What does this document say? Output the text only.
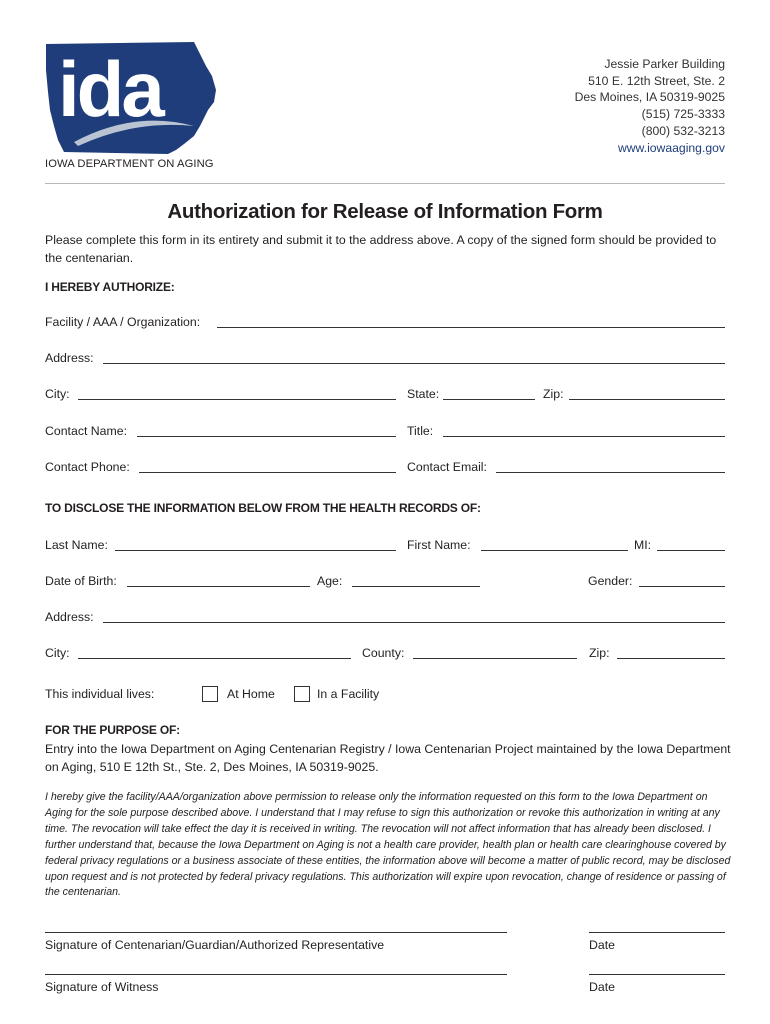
ida
IOWA DEPARTMENT ON AGING
Jessie Parker Building
510 E. 12th Street, Ste. 2
Des Moines, IA 50319-9025
(515) 725-3333
(800) 532-3213
www.iowaaging.gov
Authorization for Release of Information Form
Please complete this form in its entirety and submit it to the address above. A copy of the signed form should be provided to the centenarian.
I HEREBY AUTHORIZE:
Facility / AAA / Organization:
Address:
City:	State:	Zip:
Contact Name:	Title:
Contact Phone:	Contact Email:
TO DISCLOSE THE INFORMATION BELOW FROM THE HEALTH RECORDS OF:
Last Name:	First Name:	MI:
Date of Birth:	Age:	Gender:
Address:
City:	County:	Zip:
This individual lives:	At Home	In a Facility
FOR THE PURPOSE OF:
Entry into the Iowa Department on Aging Centenarian Registry / Iowa Centenarian Project maintained by the Iowa Department on Aging, 510 E 12th St., Ste. 2, Des Moines, IA 50319-9025.
I hereby give the facility/AAA/organization above permission to release only the information requested on this form to the Iowa Department on Aging for the sole purpose described above. I understand that I may refuse to sign this authorization or revoke this authorization in writing at any time. The revocation will take effect the day it is received in writing. The revocation will not affect information that has already been disclosed. I further understand that, because the Iowa Department on Aging is not a health care provider, health plan or health care clearinghouse covered by federal privacy regulations or a business associate of these entities, the information above will become a matter of public record, may be disclosed upon request and is not protected by federal privacy regulations. This authorization will expire upon revocation, change of residence or passing of the centenarian.
Signature of Centenarian/Guardian/Authorized Representative	Date
Signature of Witness	Date
